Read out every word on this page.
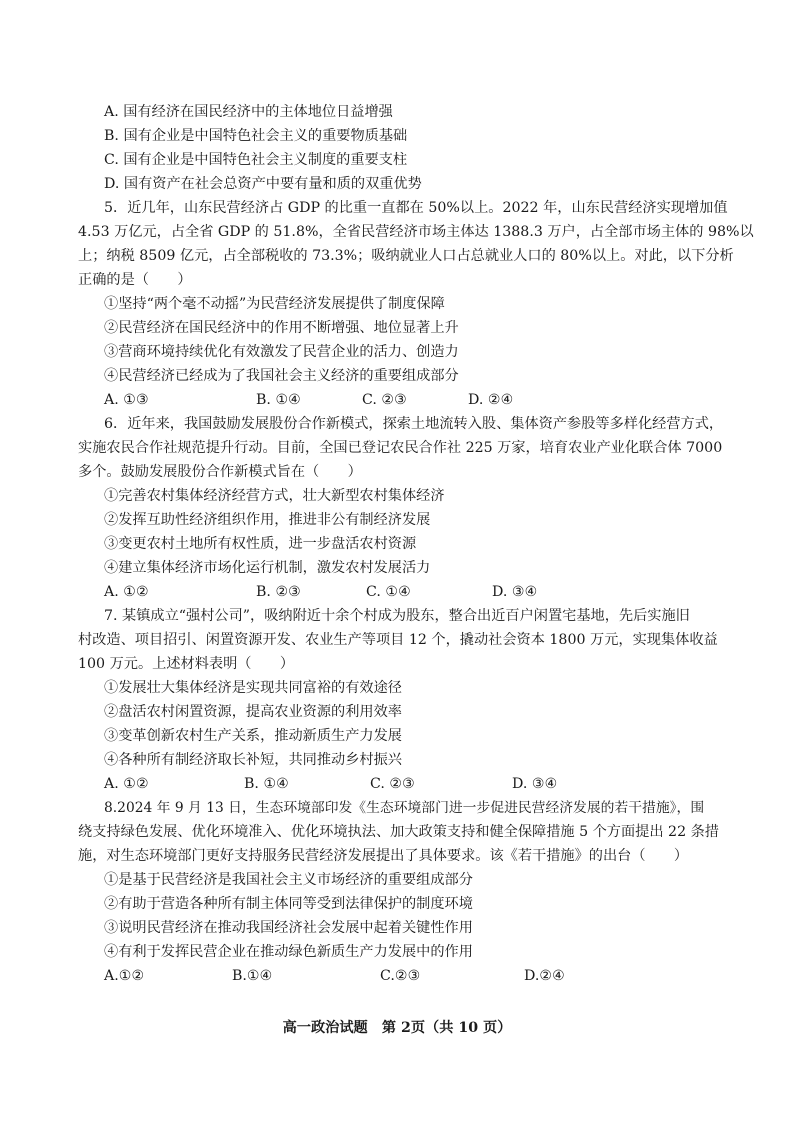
A. 国有经济在国民经济中的主体地位日益增强
B. 国有企业是中国特色社会主义的重要物质基础
C. 国有企业是中国特色社会主义制度的重要支柱
D. 国有资产在社会总资产中要有量和质的双重优势
5．近几年，山东民营经济占 GDP 的比重一直都在 50%以上。2022 年，山东民营经济实现增加值
4.53 万亿元，占全省 GDP 的 51.8%，全省民营经济市场主体达 1388.3 万户，占全部市场主体的 98%以
上；纳税 8509 亿元，占全部税收的 73.3%；吸纳就业人口占总就业人口的 80%以上。对此，以下分析
正确的是（　　）
①坚持“两个毫不动摇”为民营经济发展提供了制度保障
②民营经济在国民经济中的作用不断增强、地位显著上升
③营商环境持续优化有效激发了民营企业的活力、创造力
④民营经济已经成为了我国社会主义经济的重要组成部分
A. ①③	B. ①④	C. ②③	D. ②④
6．近年来，我国鼓励发展股份合作新模式，探索土地流转入股、集体资产参股等多样化经营方式，
实施农民合作社规范提升行动。目前，全国已登记农民合作社 225 万家，培育农业产业化联合体 7000
多个。鼓励发展股份合作新模式旨在（　　）
①完善农村集体经济经营方式，壮大新型农村集体经济
②发挥互助性经济组织作用，推进非公有制经济发展
③变更农村土地所有权性质，进一步盘活农村资源
④建立集体经济市场化运行机制，激发农村发展活力
A. ①②	B. ②③	C. ①④	D. ③④
7. 某镇成立“强村公司”，吸纳附近十余个村成为股东，整合出近百户闲置宅基地，先后实施旧
村改造、项目招引、闲置资源开发、农业生产等项目 12 个，撬动社会资本 1800 万元，实现集体收益
100 万元。上述材料表明（　　）
①发展壮大集体经济是实现共同富裕的有效途径
②盘活农村闲置资源，提高农业资源的利用效率
③变革创新农村生产关系，推动新质生产力发展
④各种所有制经济取长补短，共同推动乡村振兴
A. ①②	B. ①④	C. ②③	D. ③④
8.2024 年 9 月 13 日，生态环境部印发《生态环境部门进一步促进民营经济发展的若干措施》，围
绕支持绿色发展、优化环境准入、优化环境执法、加大政策支持和健全保障措施 5 个方面提出 22 条措
施，对生态环境部门更好支持服务民营经济发展提出了具体要求。该《若干措施》的出台（　　）
①是基于民营经济是我国社会主义市场经济的重要组成部分
②有助于营造各种所有制主体同等受到法律保护的制度环境
③说明民营经济在推动我国经济社会发展中起着关键性作用
④有利于发挥民营企业在推动绿色新质生产力发展中的作用
A.①②	B.①④	C.②③	D.②④
高一政治试题　第 2页（共 10 页）
